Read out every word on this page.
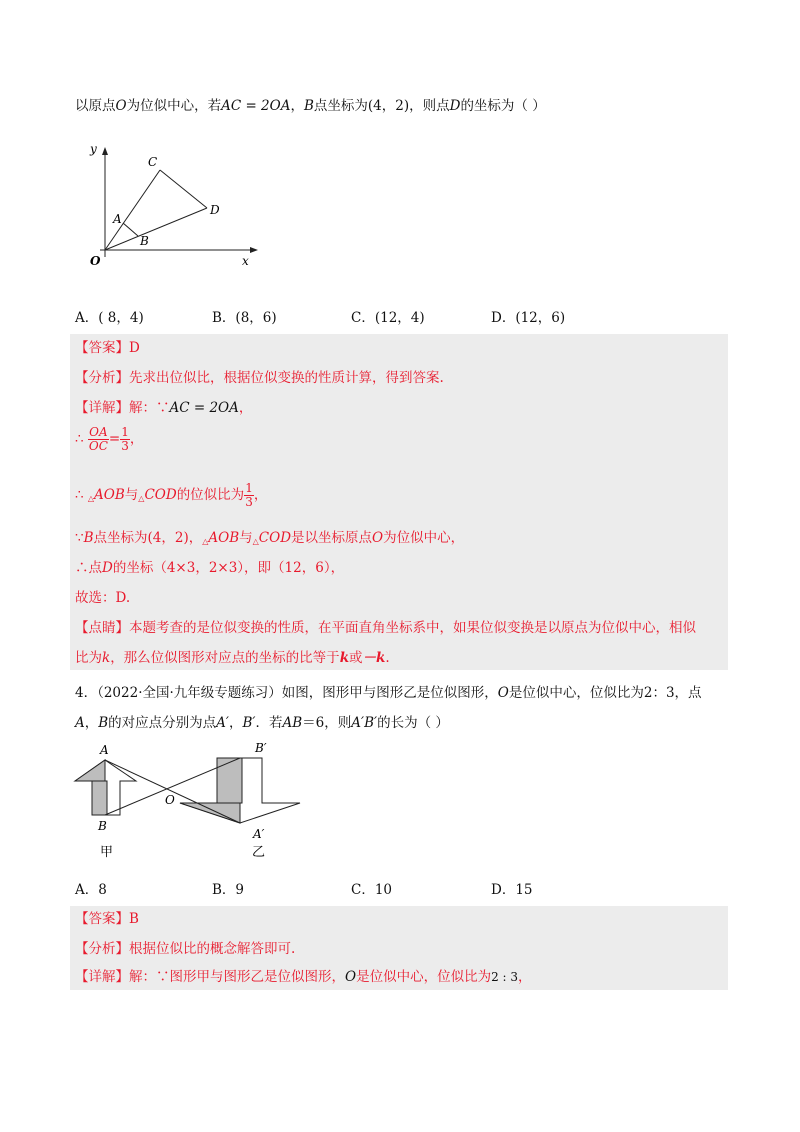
以原点O为位似中心，若AC = 2OA，B点坐标为(4，2)，则点D的坐标为（ ）
y
x
O
A
B
C
D
A．( 8，4)	B．(8，6)	C．(12，4)	D．(12，6)
【答案】D
【分析】先求出位似比，根据位似变换的性质计算，得到答案.
【详解】解：∵AC = 2OA，
∴ $\frac{OA}{OC} = \frac{1}{3}$ ，
∴ △AOB与△COD的位似比为 $\frac{1}{3}$ ，
∵B点坐标为(4，2)，△AOB与△COD是以坐标原点O为位似中心，
∴点D的坐标（4×3，2×3），即（12，6），
故选：D.
【点睛】本题考查的是位似变换的性质，在平面直角坐标系中，如果位似变换是以原点为位似中心，相似
比为k，那么位似图形对应点的坐标的比等于k或－k.
4．（2022·全国·九年级专题练习）如图，图形甲与图形乙是位似图形，O是位似中心，位似比为2：3，点
A，B的对应点分别为点A′，B′．若AB＝6，则A′B′的长为（ ）
A
B
O
B′
A′
甲	乙
A．8	B．9	C．10	D．15
【答案】B
【分析】根据位似比的概念解答即可.
【详解】解：∵图形甲与图形乙是位似图形，O是位似中心，位似比为2 : 3，
